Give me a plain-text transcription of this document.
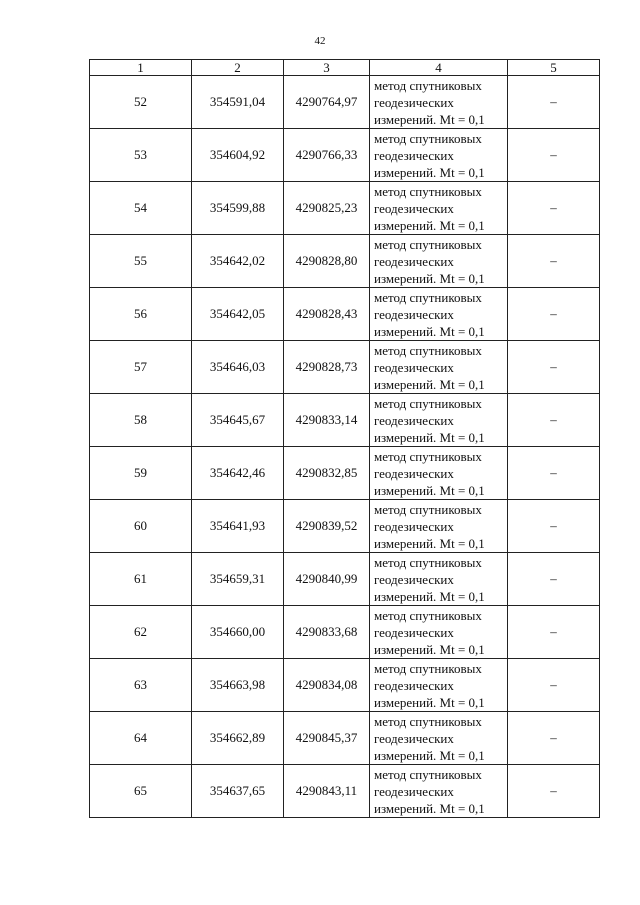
42
1	2	3	4	5
52	354591,04	4290764,97	метод спутниковых
геодезических
измерений. Mt = 0,1	–
53	354604,92	4290766,33	метод спутниковых
геодезических
измерений. Mt = 0,1	–
54	354599,88	4290825,23	метод спутниковых
геодезических
измерений. Mt = 0,1	–
55	354642,02	4290828,80	метод спутниковых
геодезических
измерений. Mt = 0,1	–
56	354642,05	4290828,43	метод спутниковых
геодезических
измерений. Mt = 0,1	–
57	354646,03	4290828,73	метод спутниковых
геодезических
измерений. Mt = 0,1	–
58	354645,67	4290833,14	метод спутниковых
геодезических
измерений. Mt = 0,1	–
59	354642,46	4290832,85	метод спутниковых
геодезических
измерений. Mt = 0,1	–
60	354641,93	4290839,52	метод спутниковых
геодезических
измерений. Mt = 0,1	–
61	354659,31	4290840,99	метод спутниковых
геодезических
измерений. Mt = 0,1	–
62	354660,00	4290833,68	метод спутниковых
геодезических
измерений. Mt = 0,1	–
63	354663,98	4290834,08	метод спутниковых
геодезических
измерений. Mt = 0,1	–
64	354662,89	4290845,37	метод спутниковых
геодезических
измерений. Mt = 0,1	–
65	354637,65	4290843,11	метод спутниковых
геодезических
измерений. Mt = 0,1	–
